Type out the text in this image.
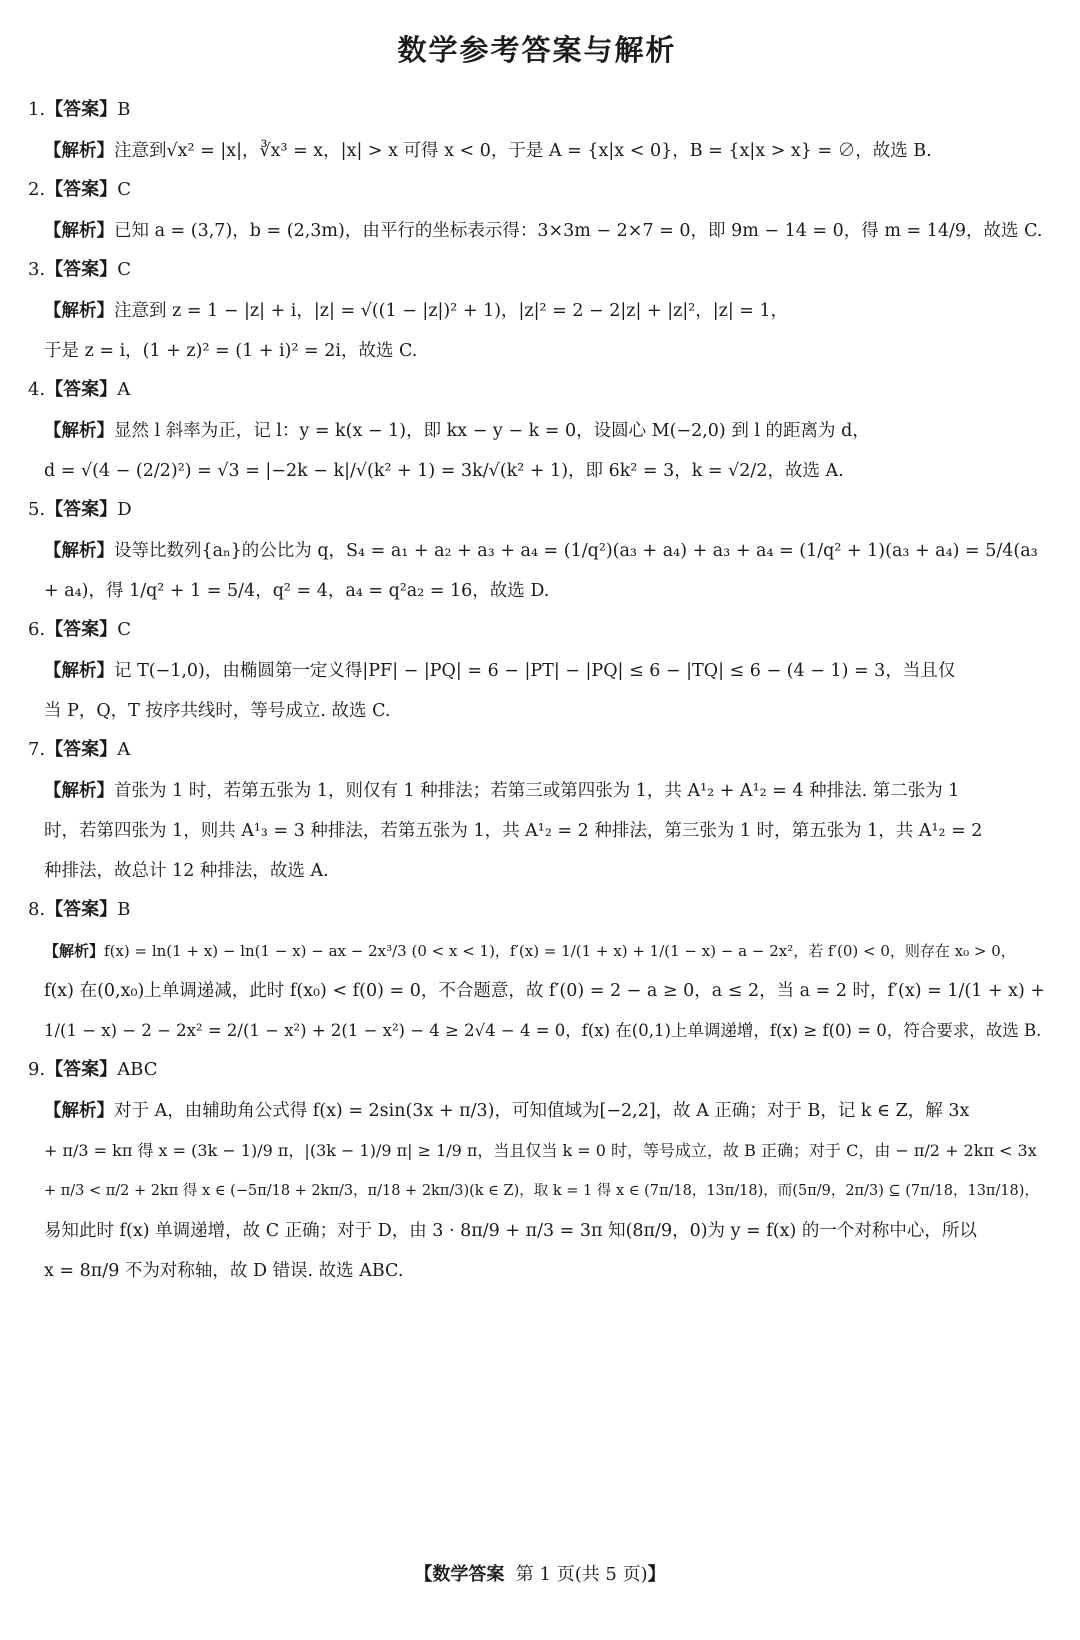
数学参考答案与解析
1.【答案】B
【解析】注意到√x² = |x|，∛x³ = x，|x| > x 可得 x < 0，于是 A = {x|x < 0}，B = {x|x > x} = ∅，故选 B.
2.【答案】C
【解析】已知 a = (3,7)，b = (2,3m)，由平行的坐标表示得：3×3m − 2×7 = 0，即 9m − 14 = 0，得 m = 14/9，故选 C.
3.【答案】C
【解析】注意到 z = 1 − |z| + i，|z| = √((1 − |z|)² + 1)，|z|² = 2 − 2|z| + |z|²，|z| = 1，
于是 z = i，(1 + z)² = (1 + i)² = 2i，故选 C.
4.【答案】A
【解析】显然 l 斜率为正，记 l：y = k(x − 1)，即 kx − y − k = 0，设圆心 M(−2,0) 到 l 的距离为 d，
d = √(4 − (2/2)²) = √3 = |−2k − k|/√(k² + 1) = 3k/√(k² + 1)，即 6k² = 3，k = √2/2，故选 A.
5.【答案】D
【解析】设等比数列{aₙ}的公比为 q，S₄ = a₁ + a₂ + a₃ + a₄ = (1/q²)(a₃ + a₄) + a₃ + a₄ = (1/q² + 1)(a₃ + a₄) = 5/4(a₃
+ a₄)，得 1/q² + 1 = 5/4，q² = 4，a₄ = q²a₂ = 16，故选 D.
6.【答案】C
【解析】记 T(−1,0)，由椭圆第一定义得|PF| − |PQ| = 6 − |PT| − |PQ| ≤ 6 − |TQ| ≤ 6 − (4 − 1) = 3，当且仅
当 P，Q，T 按序共线时，等号成立. 故选 C.
7.【答案】A
【解析】首张为 1 时，若第五张为 1，则仅有 1 种排法；若第三或第四张为 1，共 A¹₂ + A¹₂ = 4 种排法. 第二张为 1
时，若第四张为 1，则共 A¹₃ = 3 种排法，若第五张为 1，共 A¹₂ = 2 种排法，第三张为 1 时，第五张为 1，共 A¹₂ = 2
种排法，故总计 12 种排法，故选 A.
8.【答案】B
【解析】f(x) = ln(1 + x) − ln(1 − x) − ax − 2x³/3 (0 < x < 1)，f′(x) = 1/(1 + x) + 1/(1 − x) − a − 2x²，若 f′(0) < 0，则存在 x₀ > 0，
f(x) 在(0,x₀)上单调递减，此时 f(x₀) < f(0) = 0，不合题意，故 f′(0) = 2 − a ≥ 0，a ≤ 2，当 a = 2 时，f′(x) = 1/(1 + x) +
1/(1 − x) − 2 − 2x² = 2/(1 − x²) + 2(1 − x²) − 4 ≥ 2√4 − 4 = 0，f(x) 在(0,1)上单调递增，f(x) ≥ f(0) = 0，符合要求，故选 B.
9.【答案】ABC
【解析】对于 A，由辅助角公式得 f(x) = 2sin(3x + π/3)，可知值域为[−2,2]，故 A 正确；对于 B，记 k ∈ Z，解 3x
+ π/3 = kπ 得 x = (3k − 1)/9 π，|(3k − 1)/9 π| ≥ 1/9 π，当且仅当 k = 0 时，等号成立，故 B 正确；对于 C，由 − π/2 + 2kπ < 3x
+ π/3 < π/2 + 2kπ 得 x ∈ (−5π/18 + 2kπ/3，π/18 + 2kπ/3)(k ∈ Z)，取 k = 1 得 x ∈ (7π/18，13π/18)，而(5π/9，2π/3) ⊆ (7π/18，13π/18)，
易知此时 f(x) 单调递增，故 C 正确；对于 D，由 3 · 8π/9 + π/3 = 3π 知(8π/9，0)为 y = f(x) 的一个对称中心，所以
x = 8π/9 不为对称轴，故 D 错误. 故选 ABC.
【数学答案 第 1 页(共 5 页)】
